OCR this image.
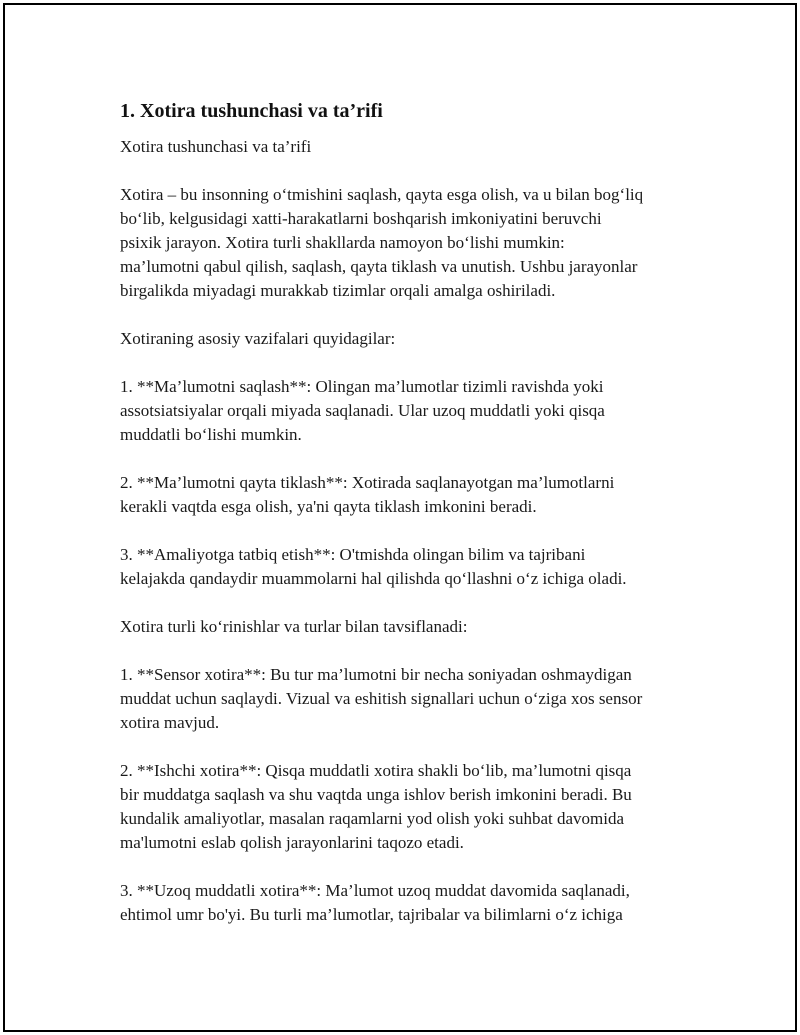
1. Xotira tushunchasi va ta’rifi
Xotira tushunchasi va ta’rifi
Xotira – bu insonning o‘tmishini saqlash, qayta esga olish, va u bilan bog‘liq
bo‘lib, kelgusidagi xatti-harakatlarni boshqarish imkoniyatini beruvchi
psixik jarayon. Xotira turli shakllarda namoyon bo‘lishi mumkin:
ma’lumotni qabul qilish, saqlash, qayta tiklash va unutish. Ushbu jarayonlar
birgalikda miyadagi murakkab tizimlar orqali amalga oshiriladi.
Xotiraning asosiy vazifalari quyidagilar:
1. **Ma’lumotni saqlash**: Olingan ma’lumotlar tizimli ravishda yoki
assotsiatsiyalar orqali miyada saqlanadi. Ular uzoq muddatli yoki qisqa
muddatli bo‘lishi mumkin.
2. **Ma’lumotni qayta tiklash**: Xotirada saqlanayotgan ma’lumotlarni
kerakli vaqtda esga olish, ya'ni qayta tiklash imkonini beradi.
3. **Amaliyotga tatbiq etish**: O'tmishda olingan bilim va tajribani
kelajakda qandaydir muammolarni hal qilishda qo‘llashni o‘z ichiga oladi.
Xotira turli ko‘rinishlar va turlar bilan tavsiflanadi:
1. **Sensor xotira**: Bu tur ma’lumotni bir necha soniyadan oshmaydigan
muddat uchun saqlaydi. Vizual va eshitish signallari uchun o‘ziga xos sensor
xotira mavjud.
2. **Ishchi xotira**: Qisqa muddatli xotira shakli bo‘lib, ma’lumotni qisqa
bir muddatga saqlash va shu vaqtda unga ishlov berish imkonini beradi. Bu
kundalik amaliyotlar, masalan raqamlarni yod olish yoki suhbat davomida
ma'lumotni eslab qolish jarayonlarini taqozo etadi.
3. **Uzoq muddatli xotira**: Ma’lumot uzoq muddat davomida saqlanadi,
ehtimol umr bo'yi. Bu turli ma’lumotlar, tajribalar va bilimlarni o‘z ichiga
